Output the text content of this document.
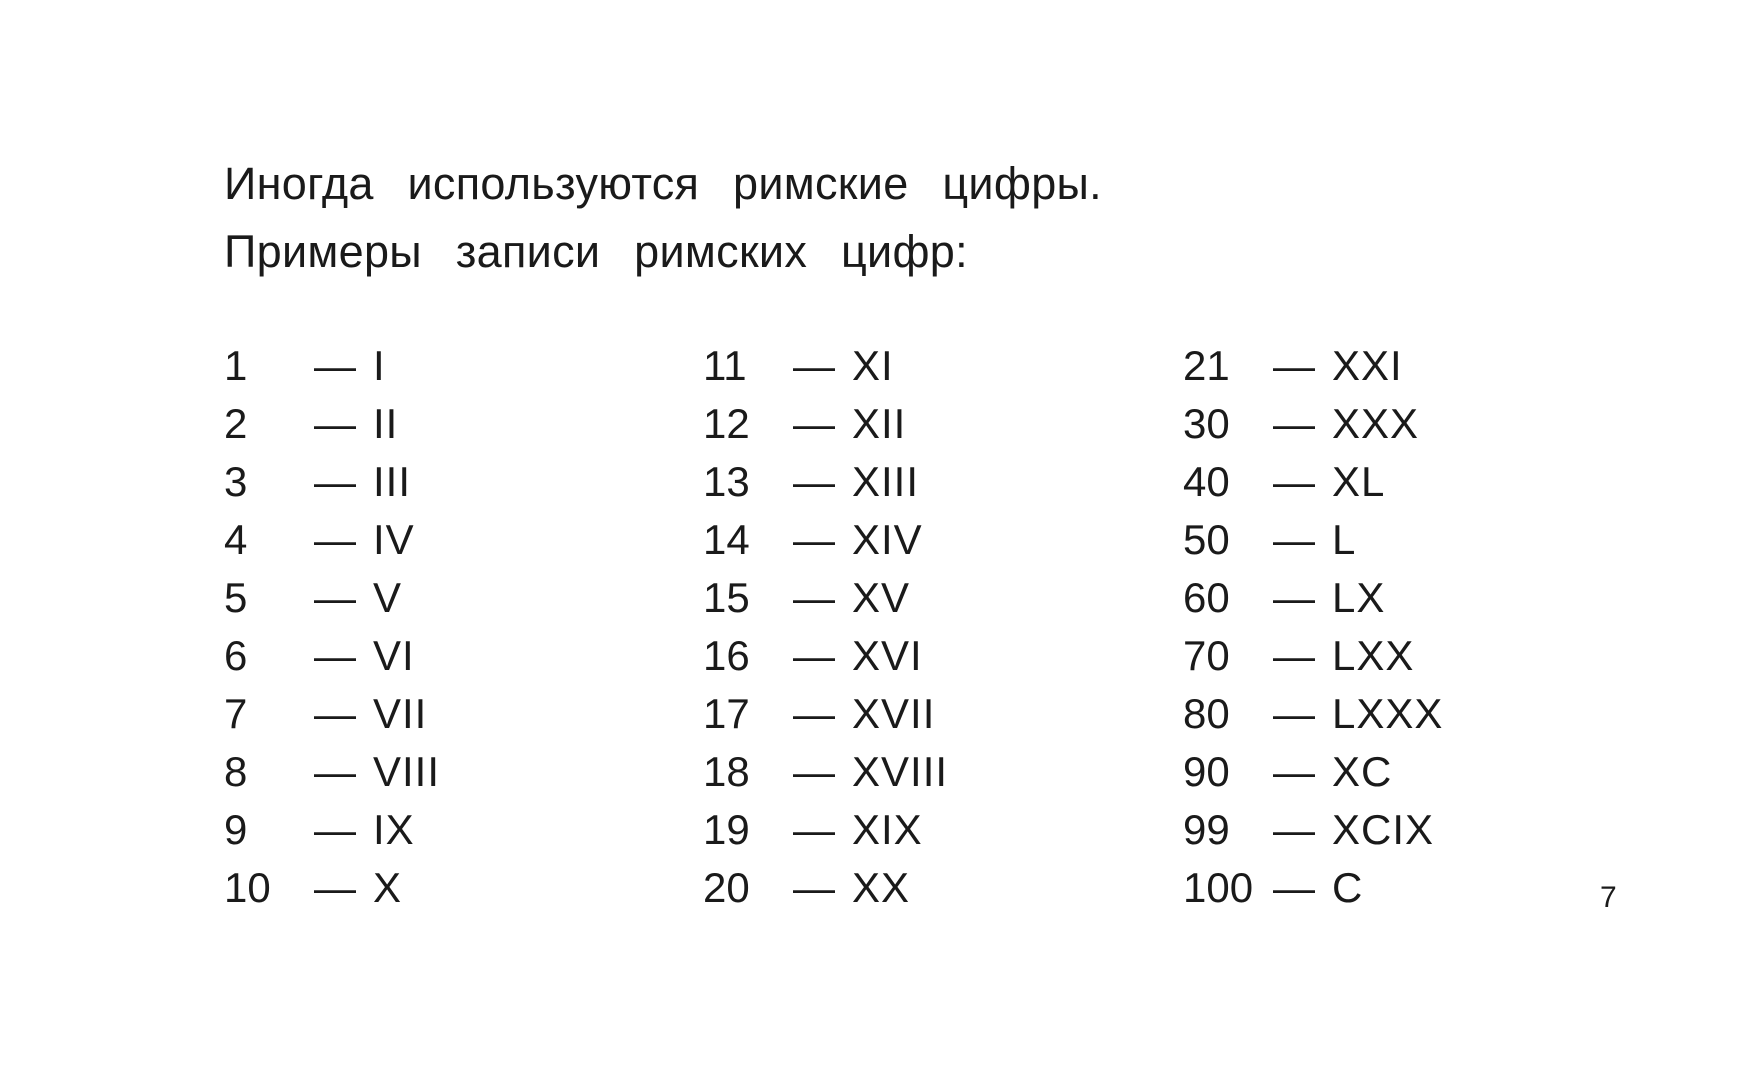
Иногда используются римские цифры.
Примеры записи римских цифр:
1	— I
2	— II
3	— III
4	— IV
5	— V
6	— VI
7	— VII
8	— VIII
9	— IX
10	— X
11	— XI
12	— XII
13	— XIII
14	— XIV
15	— XV
16	— XVI
17	— XVII
18	— XVIII
19	— XIX
20	— XX
21	— XXI
30	— XXX
40	— XL
50	— L
60	— LX
70	— LXX
80	— LXXX
90	— XC
99	— XCIX
100 — C	7
